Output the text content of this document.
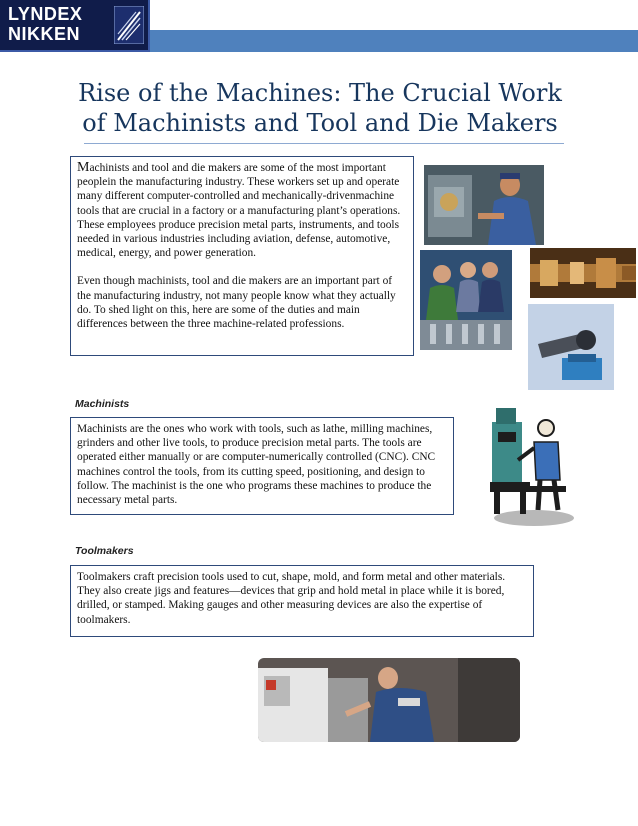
LYNDEX
NIKKEN
Rise of the Machines: The Crucial Work
of Machinists and Tool and Die Makers

Machinists and tool and die makers are some of the most important peoplein the manufacturing industry. These workers set up and operate many different computer-controlled and mechanically-drivenmachine tools that are crucial in a factory or a manufacturing plant’s operations. These employees produce precision metal parts, instruments, and tools needed in various industries including aviation, defense, automotive, medical, energy, and power generation.

Even though machinists, tool and die makers are an important part of the manufacturing industry, not many people know what they actually do. To shed light on this, here are some of the duties and main differences between the three machine-related professions.

Machinists

Machinists are the ones who work with tools, such as lathe, milling machines, grinders and other live tools, to produce precision metal parts. The tools are operated either manually or are computer-numerically controlled (CNC). CNC machines control the tools, from its cutting speed, positioning, and design to follow. The machinist is the one who programs these machines to produce the necessary metal parts.

Toolmakers

Toolmakers craft precision tools used to cut, shape, mold, and form metal and other materials. They also create jigs and features—devices that grip and hold metal in place while it is bored, drilled, or stamped. Making gauges and other measuring devices are also the expertise of toolmakers.
